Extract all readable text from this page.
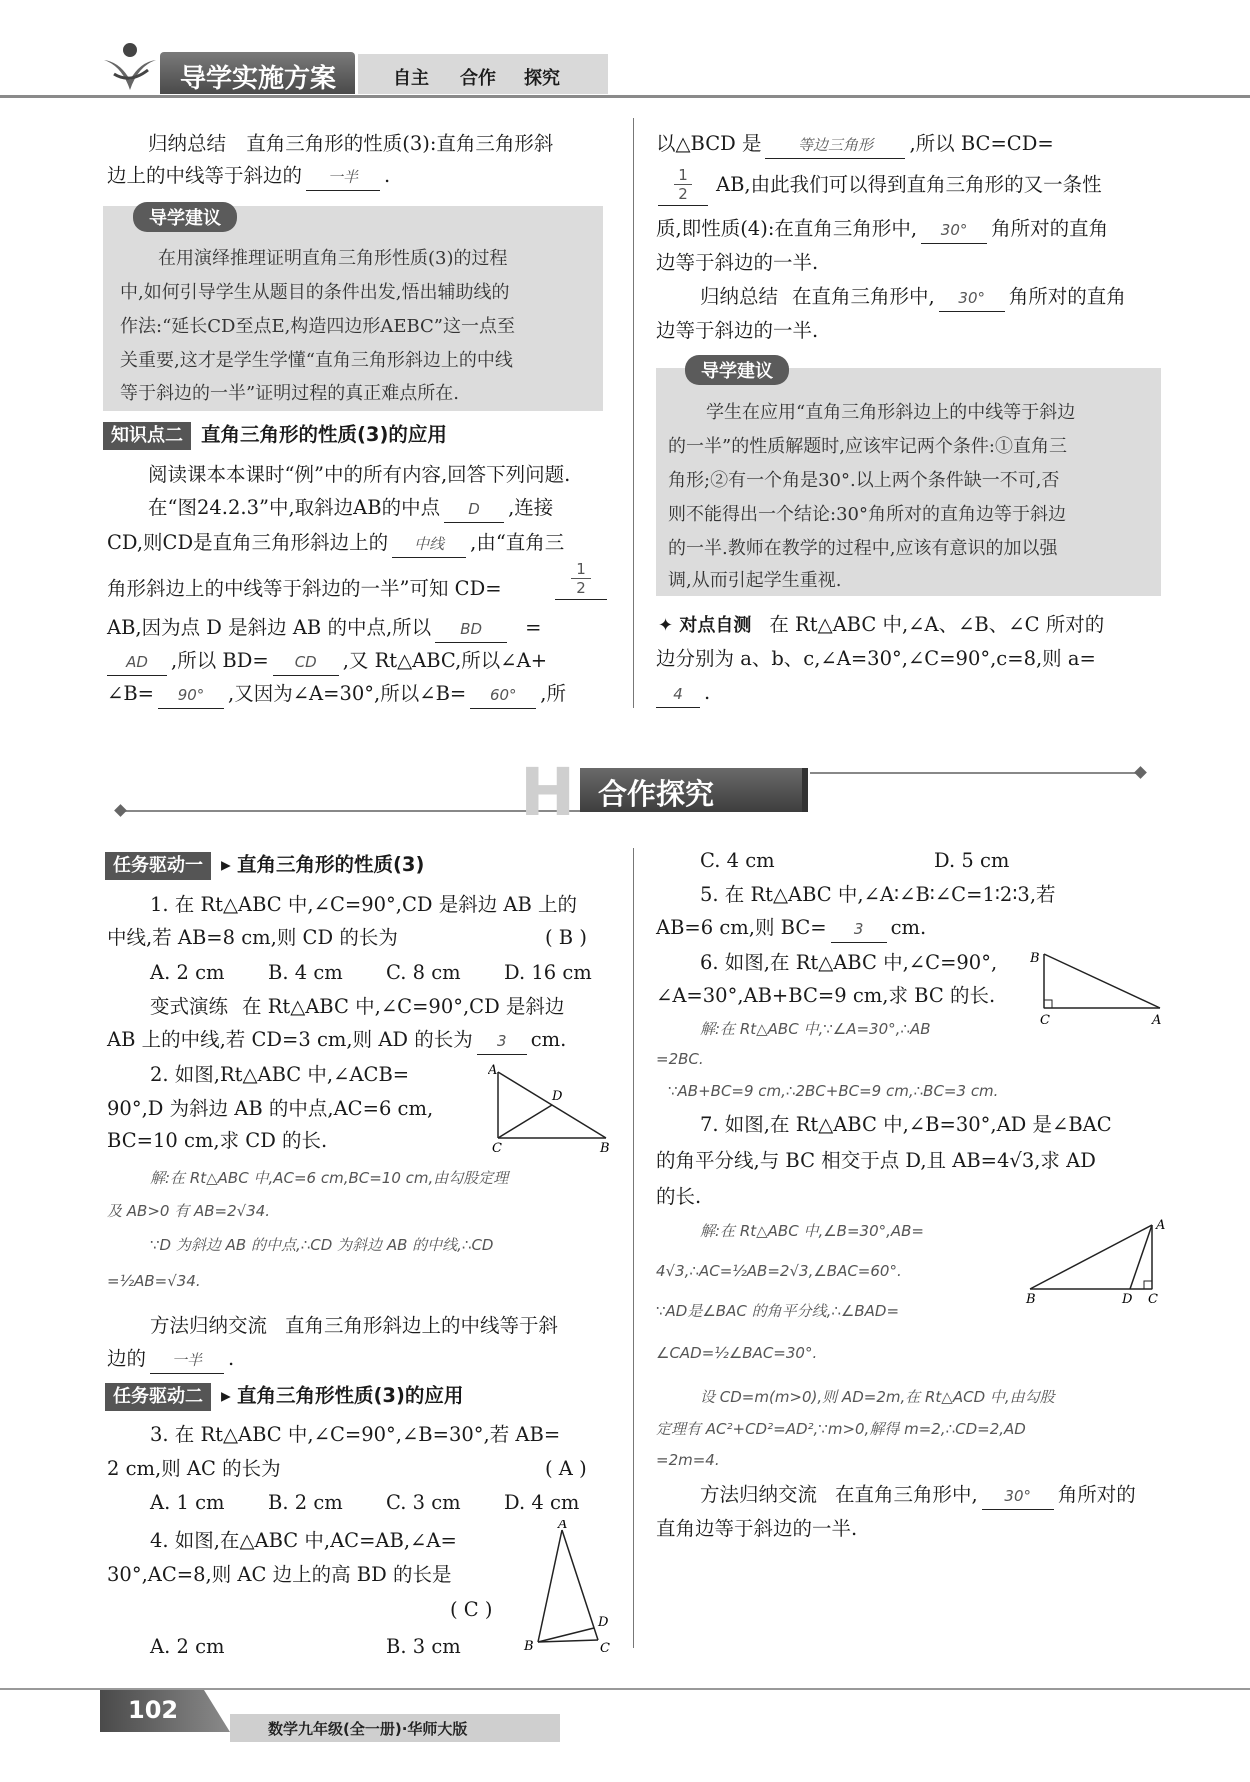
导学实施方案	自主 合作 探究
归纳总结 直角三角形的性质(3):直角三角形斜
边上的中线等于斜边的 一半 .
导学建议
在用演绎推理证明直角三角形性质(3)的过程
中,如何引导学生从题目的条件出发,悟出辅助线的
作法:“延长CD至点E,构造四边形AEBC”这一点至
关重要,这才是学生学懂“直角三角形斜边上的中线
等于斜边的一半”证明过程的真正难点所在.
知识点二 直角三角形的性质(3)的应用
阅读课本本课时“例”中的所有内容,回答下列问题.
在“图24.2.3”中,取斜边AB的中点 D ,连接
CD,则CD是直角三角形斜边上的 中线 ,由“直角三
角形斜边上的中线等于斜边的一半”可知 CD=	$\frac{1}{2}$
AB,因为点 D 是斜边 AB 的中点,所以 BD =
AD ,所以 BD= CD ,又 Rt△ABC,所以∠A+
∠B= 90° ,又因为∠A=30°,所以∠B= 60° ,所
以△BCD 是 等边三角形 ,所以 BC=CD=
$\frac{1}{2}$ AB,由此我们可以得到直角三角形的又一条性
质,即性质(4):在直角三角形中, 30° 角所对的直角
边等于斜边的一半.
归纳总结 在直角三角形中, 30° 角所对的直角
边等于斜边的一半.
导学建议
学生在应用“直角三角形斜边上的中线等于斜边
的一半”的性质解题时,应该牢记两个条件:①直角三
角形;②有一个角是30°.以上两个条件缺一不可,否
则不能得出一个结论:30°角所对的直角边等于斜边
的一半.教师在教学的过程中,应该有意识的加以强
调,从而引起学生重视.
✦ 对点自测 在 Rt△ABC 中,∠A、∠B、∠C 所对的
边分别为 a、b、c,∠A=30°,∠C=90°,c=8,则 a=
4 .
H 合作探究
任务驱动一 ▸ 直角三角形的性质(3)
1. 在 Rt△ABC 中,∠C=90°,CD 是斜边 AB 上的
中线,若 AB=8 cm,则 CD 的长为	( B )
A. 2 cm B. 4 cm C. 8 cm D. 16 cm
变式演练 在 Rt△ABC 中,∠C=90°,CD 是斜边
AB 上的中线,若 CD=3 cm,则 AD 的长为 3 cm.
2. 如图,Rt△ABC 中,∠ACB=
90°,D 为斜边 AB 的中点,AC=6 cm,
BC=10 cm,求 CD 的长.
A
D
C	B
解:在 Rt△ABC 中,AC=6 cm,BC=10 cm,由勾股定理
及 AB>0 有 AB=2√34.
∵D 为斜边 AB 的中点,∴CD 为斜边 AB 的中线,∴CD
=½AB=√34.
方法归纳交流 直角三角形斜边上的中线等于斜
边的 一半 .
任务驱动二 ▸ 直角三角形性质(3)的应用
3. 在 Rt△ABC 中,∠C=90°,∠B=30°,若 AB=
2 cm,则 AC 的长为	( A )
A. 1 cm B. 2 cm C. 3 cm D. 4 cm
4. 如图,在△ABC 中,AC=AB,∠A=
30°,AC=8,则 AC 边上的高 BD 的长是
( C )
A. 2 cm	B. 3 cm
A
D
B	C
C. 4 cm	D. 5 cm
5. 在 Rt△ABC 中,∠A∶∠B∶∠C=1∶2∶3,若
AB=6 cm,则 BC= 3 cm.
6. 如图,在 Rt△ABC 中,∠C=90°,
∠A=30°,AB+BC=9 cm,求 BC 的长.
B
C	A
解:在 Rt△ABC 中,∵∠A=30°,∴AB
=2BC.
∵AB+BC=9 cm,∴2BC+BC=9 cm,∴BC=3 cm.
7. 如图,在 Rt△ABC 中,∠B=30°,AD 是∠BAC
的角平分线,与 BC 相交于点 D,且 AB=4√3,求 AD
的长.
解:在 Rt△ABC 中,∠B=30°,AB=
4√3,∴AC=½AB=2√3,∠BAC=60°.
∵AD是∠BAC 的角平分线,∴∠BAD=
∠CAD=½∠BAC=30°.
A
B	D C
设 CD=m(m>0),则 AD=2m,在 Rt△ACD 中,由勾股
定理有 AC²+CD²=AD²,∵m>0,解得 m=2,∴CD=2,AD
=2m=4.
方法归纳交流 在直角三角形中, 30° 角所对的
直角边等于斜边的一半.
102
数学九年级(全一册)·华师大版
